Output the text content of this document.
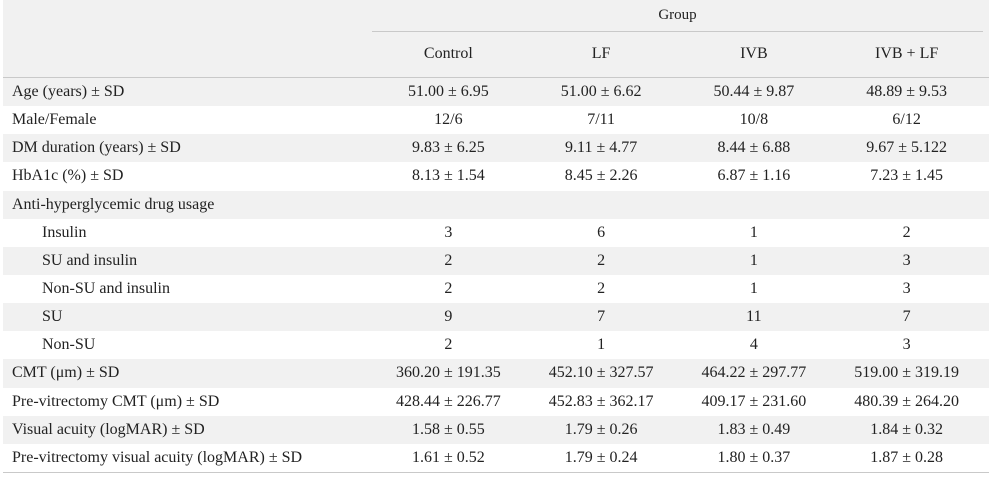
Group
Control	LF	IVB	IVB + LF
Age (years) ± SD	51.00 ± 6.95	51.00 ± 6.62	50.44 ± 9.87	48.89 ± 9.53
Male/Female	12/6	7/11	10/8	6/12
DM duration (years) ± SD	9.83 ± 6.25	9.11 ± 4.77	8.44 ± 6.88	9.67 ± 5.122
HbA1c (%) ± SD	8.13 ± 1.54	8.45 ± 2.26	6.87 ± 1.16	7.23 ± 1.45
Anti-hyperglycemic drug usage
Insulin	3	6	1	2
SU and insulin	2	2	1	3
Non-SU and insulin	2	2	1	3
SU	9	7	11	7
Non-SU	2	1	4	3
CMT (μm) ± SD	360.20 ± 191.35	452.10 ± 327.57	464.22 ± 297.77	519.00 ± 319.19
Pre-vitrectomy CMT (μm) ± SD	428.44 ± 226.77	452.83 ± 362.17	409.17 ± 231.60	480.39 ± 264.20
Visual acuity (logMAR) ± SD	1.58 ± 0.55	1.79 ± 0.26	1.83 ± 0.49	1.84 ± 0.32
Pre-vitrectomy visual acuity (logMAR) ± SD	1.61 ± 0.52	1.79 ± 0.24	1.80 ± 0.37	1.87 ± 0.28
